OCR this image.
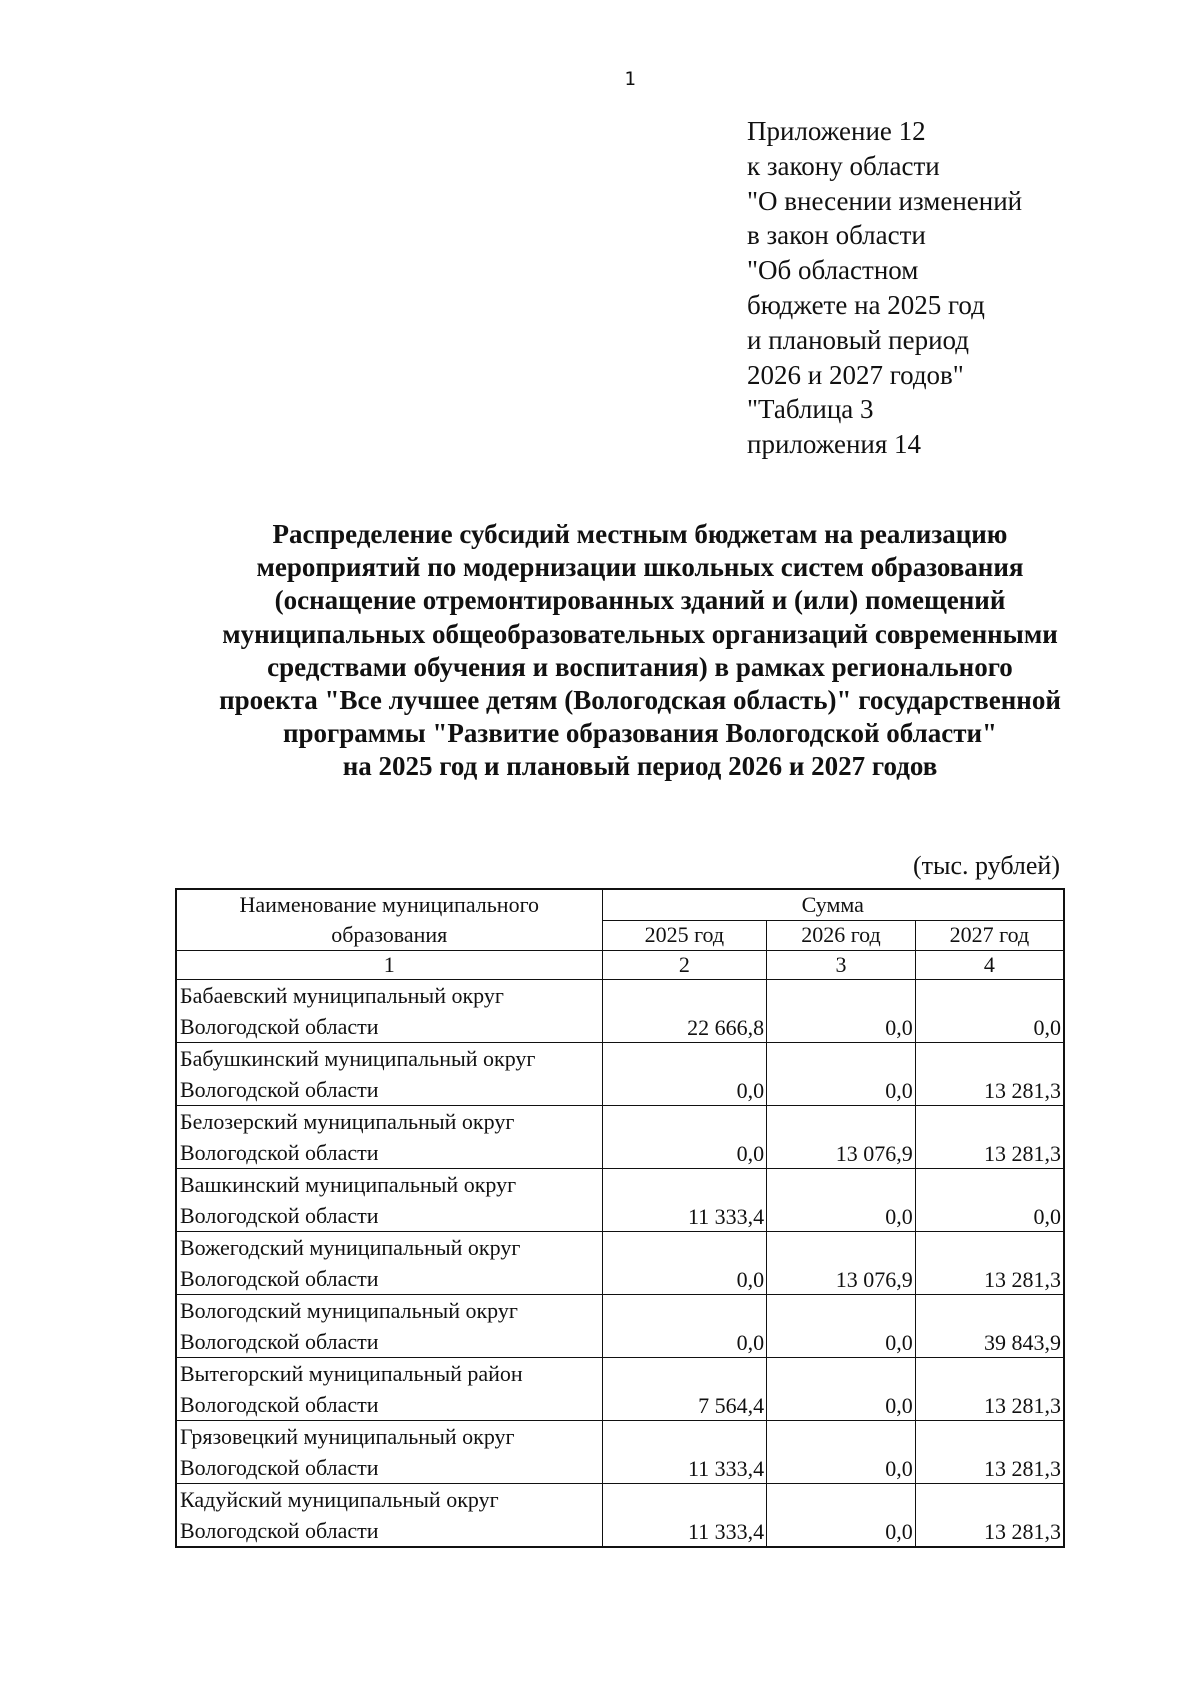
1
Приложение 12
к закону области
"О внесении изменений
в закон области
"Об областном
бюджете на 2025 год
и плановый период
2026 и 2027 годов"
"Таблица 3
приложения 14
Распределение субсидий местным бюджетам на реализацию
мероприятий по модернизации школьных систем образования
(оснащение отремонтированных зданий и (или) помещений
муниципальных общеобразовательных организаций современными
средствами обучения и воспитания) в рамках регионального
проекта "Все лучшее детям (Вологодская область)" государственной
программы "Развитие образования Вологодской области"
на 2025 год и плановый период 2026 и 2027 годов
(тыс. рублей)
Наименование муниципального
образования	Сумма		
	2025 год	2026 год	2027 год
1	2	3	4
Бабаевский муниципальный округ
Вологодской области	22 666,8	0,0	0,0
Бабушкинский муниципальный округ
Вологодской области	0,0	0,0	13 281,3
Белозерский муниципальный округ
Вологодской области	0,0	13 076,9	13 281,3
Вашкинский муниципальный округ
Вологодской области	11 333,4	0,0	0,0
Вожегодский муниципальный округ
Вологодской области	0,0	13 076,9	13 281,3
Вологодский муниципальный округ
Вологодской области	0,0	0,0	39 843,9
Вытегорский муниципальный район
Вологодской области	7 564,4	0,0	13 281,3
Грязовецкий муниципальный округ
Вологодской области	11 333,4	0,0	13 281,3
Кадуйский муниципальный округ
Вологодской области	11 333,4	0,0	13 281,3
